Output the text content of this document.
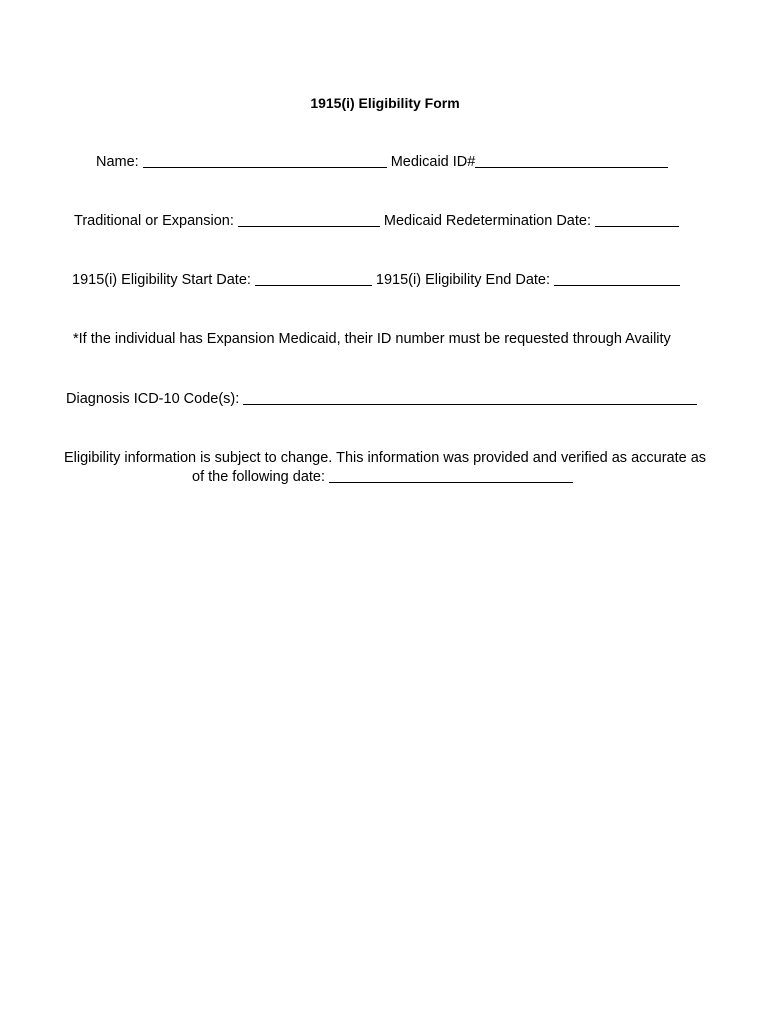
1915(i) Eligibility Form
Name:	Medicaid ID#
Traditional or Expansion:	Medicaid Redetermination Date:
1915(i) Eligibility Start Date:	1915(i) Eligibility End Date:
*If the individual has Expansion Medicaid, their ID number must be requested through Availity
Diagnosis ICD-10 Code(s):
Eligibility information is subject to change. This information was provided and verified as accurate as
of the following date:
